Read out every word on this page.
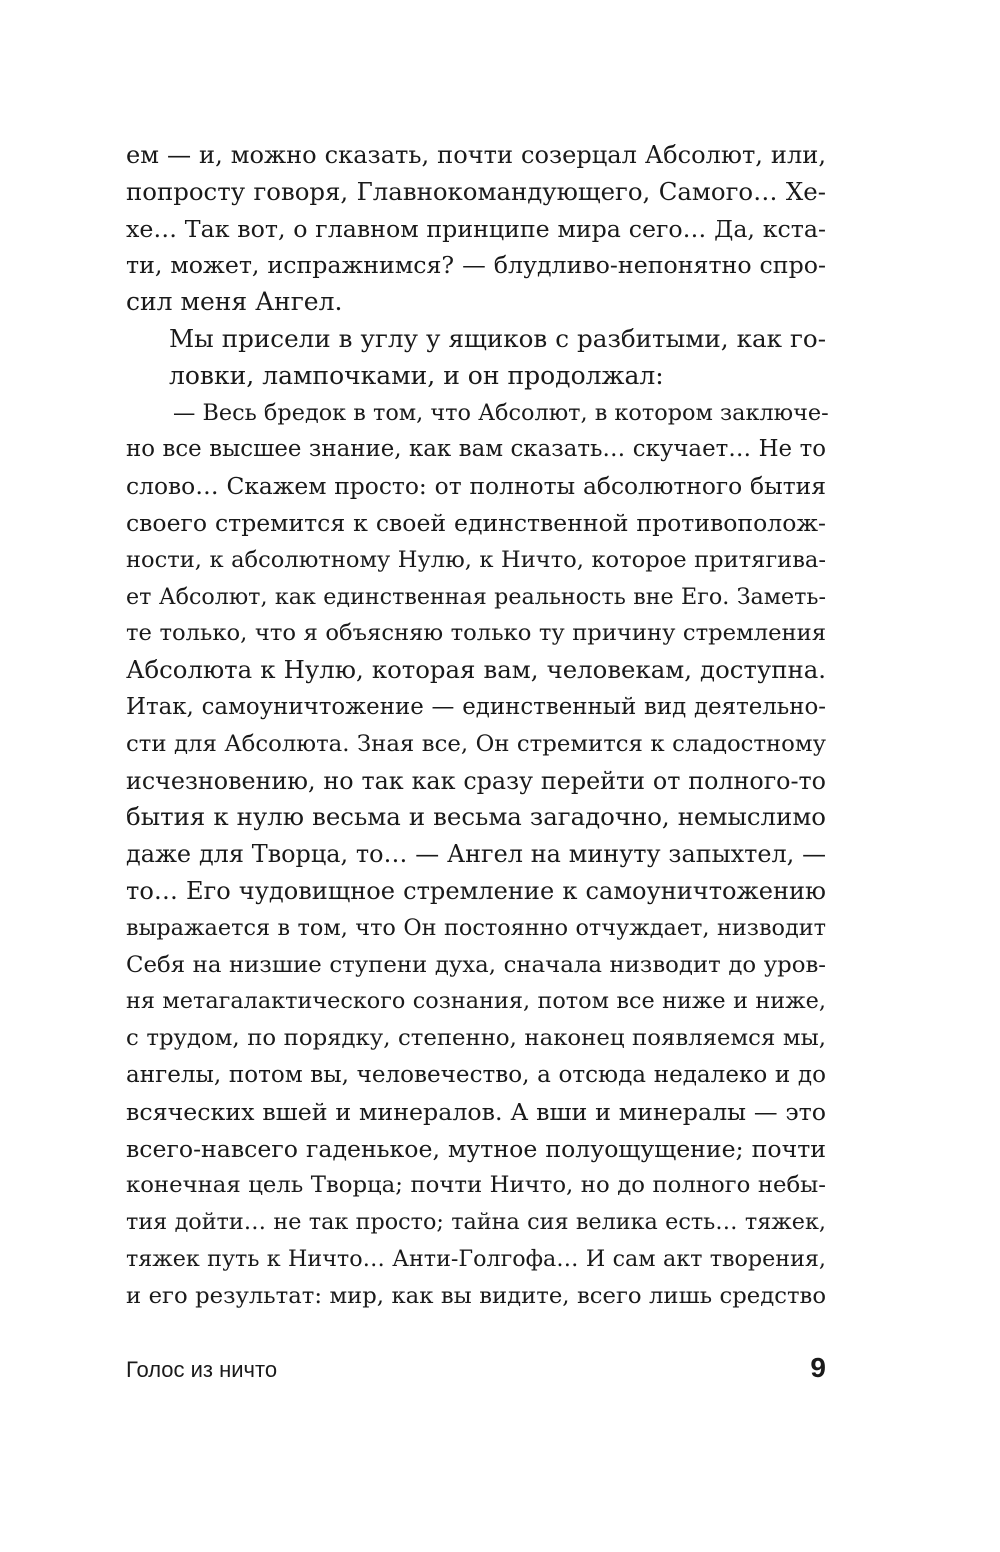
ем — и, можно сказать, почти созерцал Абсолют, или,
попросту говоря, Главнокомандующего, Самого… Хе-
хе… Так вот, о главном принципе мира сего… Да, кста-
ти, может, испражнимся? — блудливо-непонятно спро-
сил меня Ангел.
Мы присели в углу у ящиков с разбитыми, как го-
ловки, лампочками, и он продолжал:
— Весь бредок в том, что Абсолют, в котором заключе-
но все высшее знание, как вам сказать… скучает… Не то
слово… Скажем просто: от полноты абсолютного бытия
своего стремится к своей единственной противополож-
ности, к абсолютному Нулю, к Ничто, которое притягива-
ет Абсолют, как единственная реальность вне Его. Заметь-
те только, что я объясняю только ту причину стремления
Абсолюта к Нулю, которая вам, человекам, доступна.
Итак, самоуничтожение — единственный вид деятельно-
сти для Абсолюта. Зная все, Он стремится к сладостному
исчезновению, но так как сразу перейти от полного-то
бытия к нулю весьма и весьма загадочно, немыслимо
даже для Творца, то… — Ангел на минуту запыхтел, —
то… Его чудовищное стремление к самоуничтожению
выражается в том, что Он постоянно отчуждает, низводит
Себя на низшие ступени духа, сначала низводит до уров-
ня метагалактического сознания, потом все ниже и ниже,
с трудом, по порядку, степенно, наконец появляемся мы,
ангелы, потом вы, человечество, а отсюда недалеко и до
всяческих вшей и минералов. А вши и минералы — это
всего-навсего гаденькое, мутное полуощущение; почти
конечная цель Творца; почти Ничто, но до полного небы-
тия дойти… не так просто; тайна сия велика есть… тяжек,
тяжек путь к Ничто… Анти-Голгофа… И сам акт творения,
и его результат: мир, как вы видите, всего лишь средство
Голос из ничто	9
